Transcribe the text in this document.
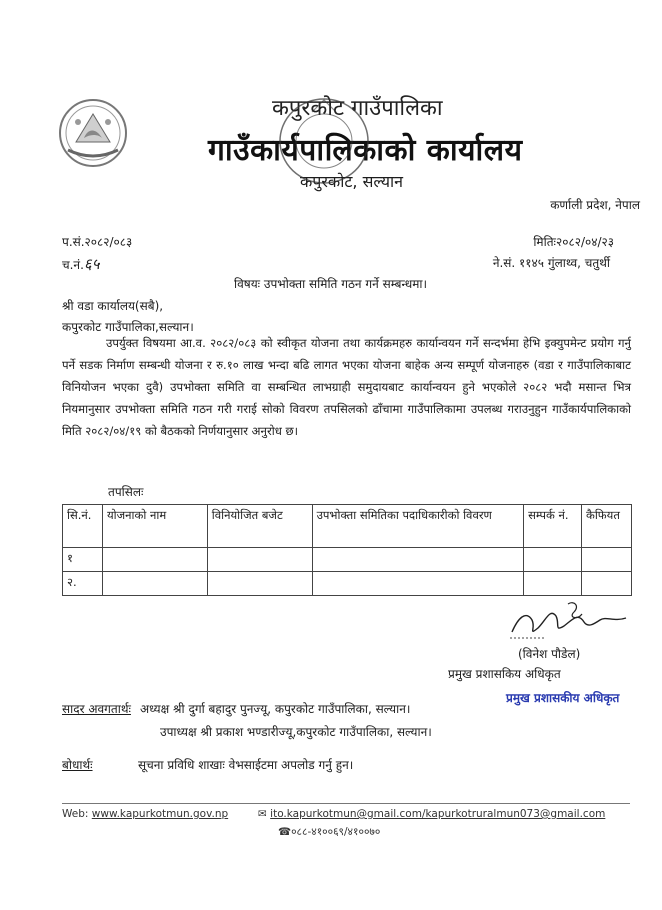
कपुरकोट गाउँपालिका
गाउँकार्यपालिकाको कार्यालय
कपुरकोट, सल्यान
कर्णाली प्रदेश, नेपाल
प.सं.२०८२/०८३
च.नं.६५
मितिः२०८२/०४/२३
ने.सं. ११४५ गुंलाथ्व, चतुर्थी
विषयः उपभोक्ता समिति गठन गर्ने सम्बन्धमा।
श्री वडा कार्यालय(सबै),
कपुरकोट गाउँपालिका,सल्यान।
उपर्युक्त विषयमा आ.व. २०८२/०८३ को स्वीकृत योजना तथा कार्यक्रमहरु कार्यान्वयन गर्ने सन्दर्भमा हेभि इक्युपमेन्ट प्रयोग गर्नु पर्ने सडक निर्माण सम्बन्धी योजना र रु.१० लाख भन्दा बढि लागत भएका योजना बाहेक अन्य सम्पूर्ण योजनाहरु (वडा र गाउँपालिकाबाट विनियोजन भएका दुवै) उपभोक्ता समिति वा सम्बन्धित लाभग्राही समुदायबाट कार्यान्वयन हुने भएकोले २०८२ भदौ मसान्त भित्र नियमानुसार उपभोक्ता समिति गठन गरी गराई सोको विवरण तपसिलको ढाँचामा गाउँपालिकामा उपलब्ध गराउनुहुन गाउँकार्यपालिकाको मिति २०८२/०४/१९ को बैठकको निर्णयानुसार अनुरोध छ।
तपसिलः
सि.नं.	योजनाको नाम	विनियोजित बजेट	उपभोक्ता समितिका पदाधिकारीको विवरण	सम्पर्क नं.	कैफियत
१					
२.					
(विनेश पौडेल)
प्रमुख प्रशासकिय अधिकृत
प्रमुख प्रशासकीय अधिकृत
सादर अवगतार्थः अध्यक्ष श्री दुर्गा बहादुर पुनज्यू, कपुरकोट गाउँपालिका, सल्यान।
उपाध्यक्ष श्री प्रकाश भण्डारीज्यू,कपुरकोट गाउँपालिका, सल्यान।
बोधार्थः	सूचना प्रविधि शाखाः वेभसाईटमा अपलोड गर्नु हुन।
Web: www.kapurkotmun.gov.np	✉ ito.kapurkotmun@gmail.com/kapurkotruralmun073@gmail.com
☎०८८-४१००६९/४१००७०
